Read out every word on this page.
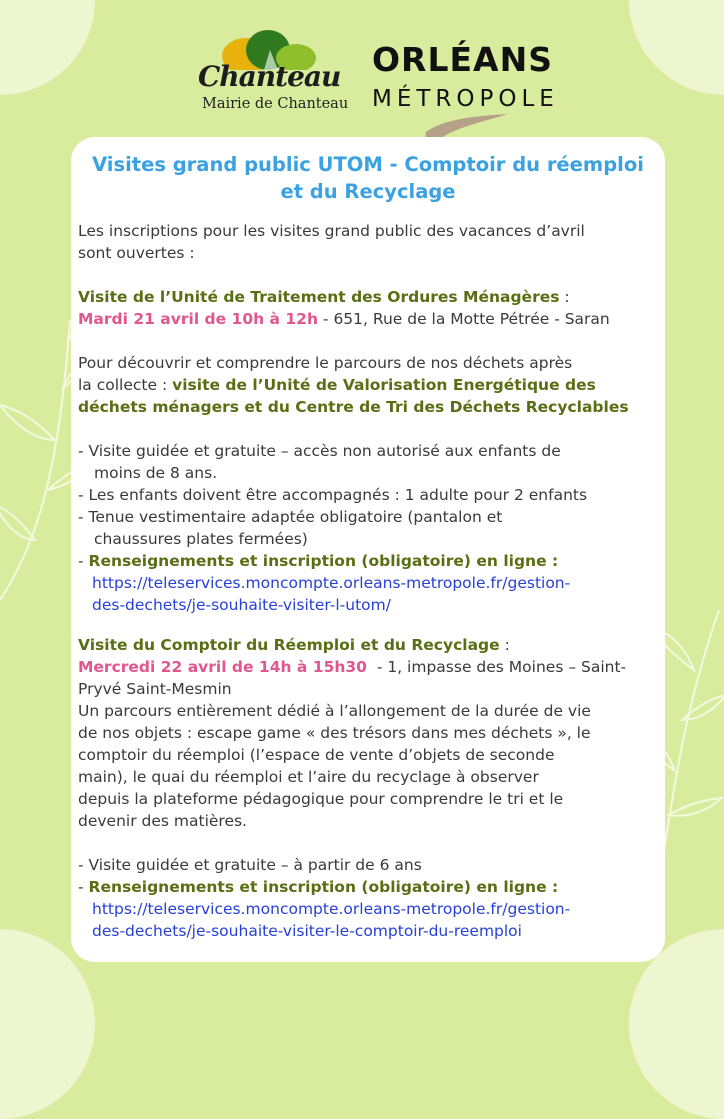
Chanteau
Mairie de Chanteau
ORLÉANS
MÉTROPOLE
Visites grand public UTOM - Comptoir du réemploi
et du Recyclage
Les inscriptions pour les visites grand public des vacances d’avril
sont ouvertes :
Visite de l’Unité de Traitement des Ordures Ménagères :
Mardi 21 avril de 10h à 12h - 651, Rue de la Motte Pétrée - Saran
Pour découvrir et comprendre le parcours de nos déchets après
la collecte : visite de l’Unité de Valorisation Energétique des
déchets ménagers et du Centre de Tri des Déchets Recyclables
- Visite guidée et gratuite – accès non autorisé aux enfants de
moins de 8 ans.
- Les enfants doivent être accompagnés : 1 adulte pour 2 enfants
- Tenue vestimentaire adaptée obligatoire (pantalon et
chaussures plates fermées)
- Renseignements et inscription (obligatoire) en ligne :
https://teleservices.moncompte.orleans-metropole.fr/gestion-
des-dechets/je-souhaite-visiter-l-utom/
Visite du Comptoir du Réemploi et du Recyclage :
Mercredi 22 avril de 14h à 15h30  - 1, impasse des Moines – Saint-
Pryvé Saint-Mesmin
Un parcours entièrement dédié à l’allongement de la durée de vie
de nos objets : escape game « des trésors dans mes déchets », le
comptoir du réemploi (l’espace de vente d’objets de seconde
main), le quai du réemploi et l’aire du recyclage à observer
depuis la plateforme pédagogique pour comprendre le tri et le
devenir des matières.
- Visite guidée et gratuite – à partir de 6 ans
- Renseignements et inscription (obligatoire) en ligne :
https://teleservices.moncompte.orleans-metropole.fr/gestion-
des-dechets/je-souhaite-visiter-le-comptoir-du-reemploi
